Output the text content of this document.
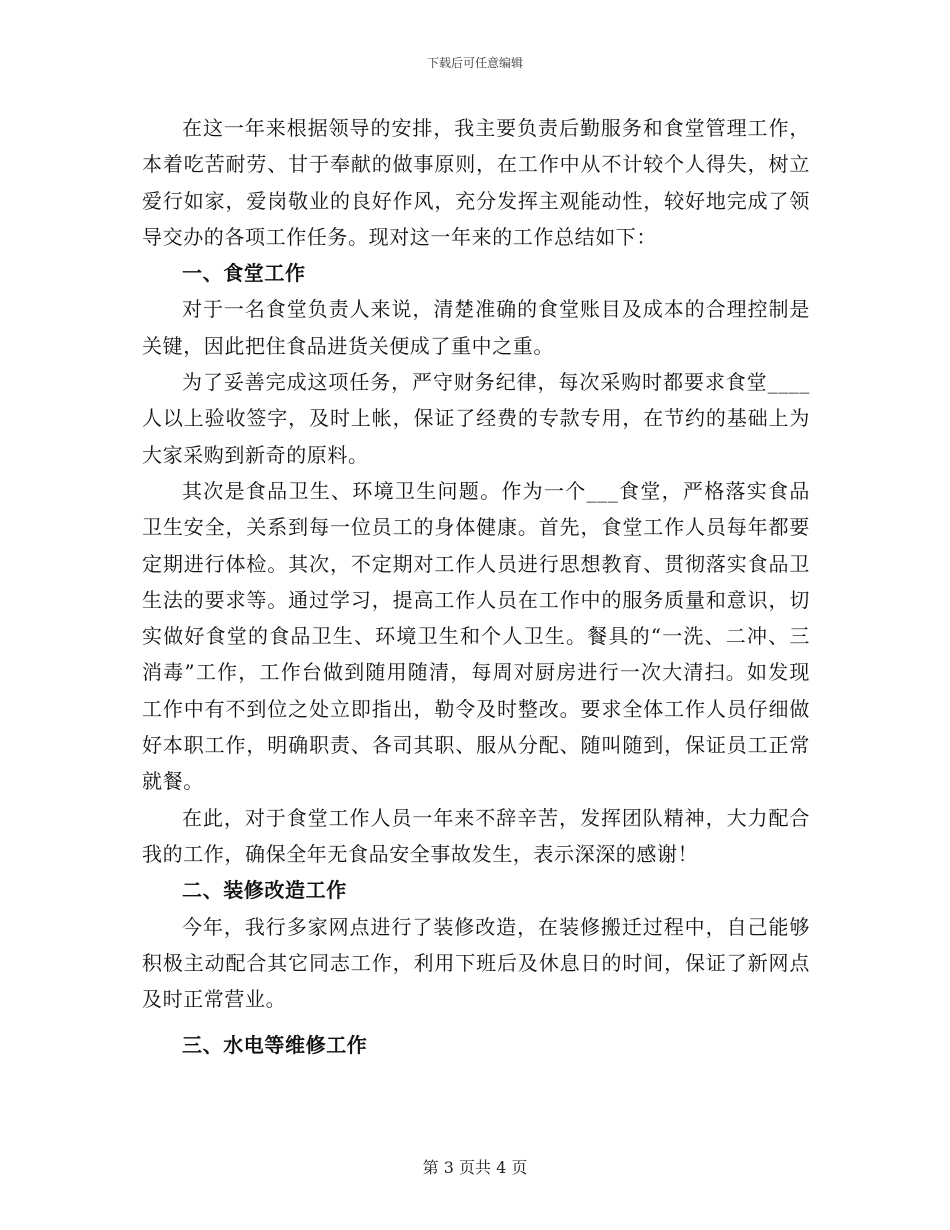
下载后可任意编辑

在这一年来根据领导的安排，我主要负责后勤服务和食堂管理工作，本着吃苦耐劳、甘于奉献的做事原则，在工作中从不计较个人得失，树立爱行如家，爱岗敬业的良好作风，充分发挥主观能动性，较好地完成了领导交办的各项工作任务。现对这一年来的工作总结如下：

一、食堂工作

对于一名食堂负责人来说，清楚准确的食堂账目及成本的合理控制是关键，因此把住食品进货关便成了重中之重。

为了妥善完成这项任务，严守财务纪律，每次采购时都要求食堂____人以上验收签字，及时上帐，保证了经费的专款专用，在节约的基础上为大家采购到新奇的原料。

其次是食品卫生、环境卫生问题。作为一个___食堂，严格落实食品卫生安全，关系到每一位员工的身体健康。首先，食堂工作人员每年都要定期进行体检。其次，不定期对工作人员进行思想教育、贯彻落实食品卫生法的要求等。通过学习，提高工作人员在工作中的服务质量和意识，切实做好食堂的食品卫生、环境卫生和个人卫生。餐具的“一洗、二冲、三消毒”工作，工作台做到随用随清，每周对厨房进行一次大清扫。如发现工作中有不到位之处立即指出，勒令及时整改。要求全体工作人员仔细做好本职工作，明确职责、各司其职、服从分配、随叫随到，保证员工正常就餐。

在此，对于食堂工作人员一年来不辞辛苦，发挥团队精神，大力配合我的工作，确保全年无食品安全事故发生，表示深深的感谢！

二、装修改造工作

今年，我行多家网点进行了装修改造，在装修搬迁过程中，自己能够积极主动配合其它同志工作，利用下班后及休息日的时间，保证了新网点及时正常营业。

三、水电等维修工作
第 3 页共 4 页
